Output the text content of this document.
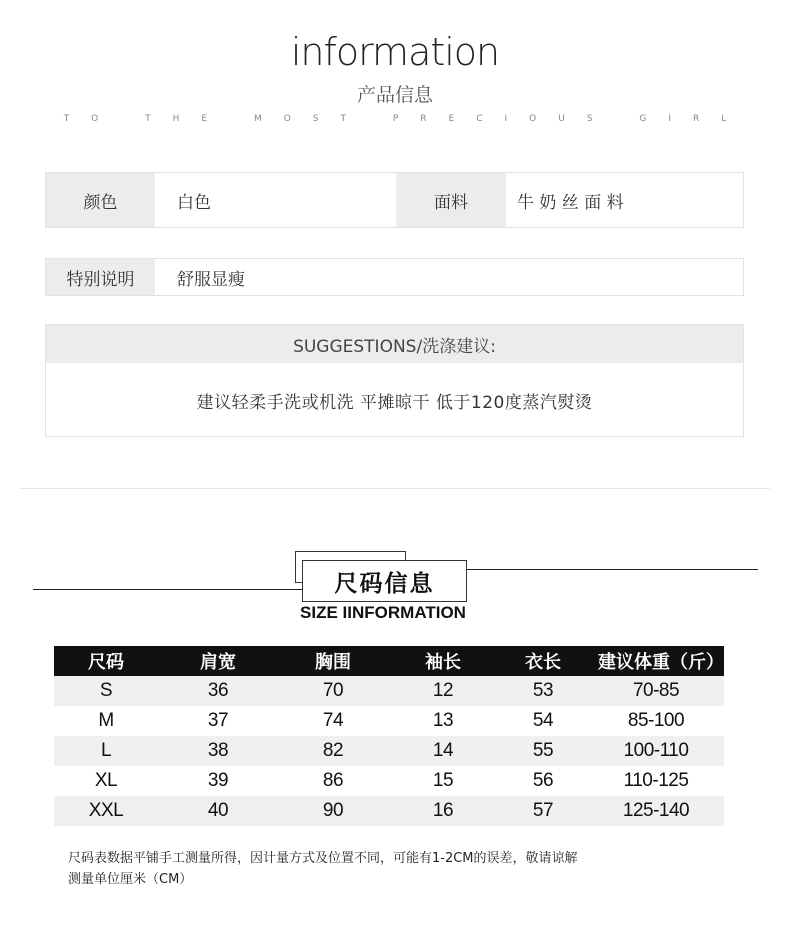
information
产品信息
TO THE MOST PRECIOUS GIRL
颜色	白色	面料	牛 奶 丝 面 料
特别说明	舒服显瘦
SUGGESTIONS/洗涤建议:
建议轻柔手洗或机洗 平摊晾干 低于120度蒸汽熨烫
尺码信息
SIZE IINFORMATION
尺码	肩宽	胸围	袖长	衣长	建议体重（斤）
S	36	70	12	53	70-85
M	37	74	13	54	85-100
L	38	82	14	55	100-110
XL	39	86	15	56	110-125
XXL	40	90	16	57	125-140
尺码表数据平铺手工测量所得，因计量方式及位置不同，可能有1-2CM的误差，敬请谅解
测量单位厘米（CM）
